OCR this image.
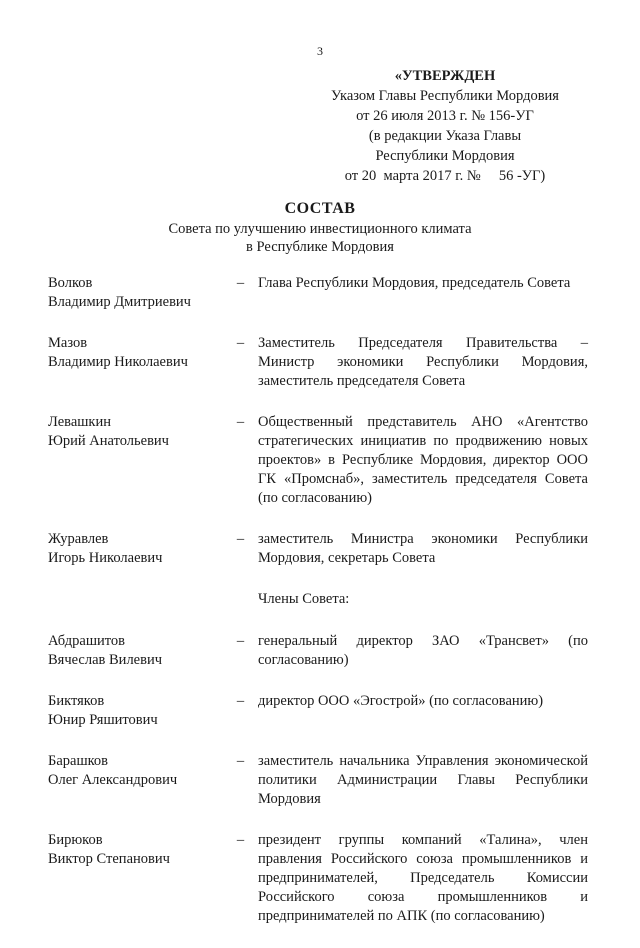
3
«УТВЕРЖДЕН
Указом Главы Республики Мордовия
от 26 июля 2013 г. № 156-УГ
(в редакции Указа Главы
Республики Мордовия
от 20  марта 2017 г. №     56 -УГ)
СОСТАВ
Совета по улучшению инвестиционного климата
в Республике Мордовия
Волков
Владимир Дмитриевич
– Глава Республики Мордовия, председатель Совета
Мазов
Владимир Николаевич
– Заместитель Председателя Правительства – Министр экономики Республики Мордовия, заместитель председателя Совета
Левашкин
Юрий Анатольевич
– Общественный представитель АНО «Агентство стратегических инициатив по продвижению новых проектов» в Республике Мордовия, директор ООО ГК «Промснаб», заместитель председателя Совета (по согласованию)
Журавлев
Игорь Николаевич
– заместитель Министра экономики Республики Мордовия, секретарь Совета
Члены Совета:
Абдрашитов
Вячеслав Вилевич
– генеральный директор ЗАО «Трансвет» (по согласованию)
Биктяков
Юнир Ряшитович
– директор ООО «Эгострой» (по согласованию)
Барашков
Олег Александрович
– заместитель начальника Управления экономической политики Администрации Главы Республики Мордовия
Бирюков
Виктор Степанович
– президент группы компаний «Талина», член правления Российского союза промышленников и предпринимателей, Председатель Комиссии Российского союза промышленников и предпринимателей по АПК (по согласованию)
